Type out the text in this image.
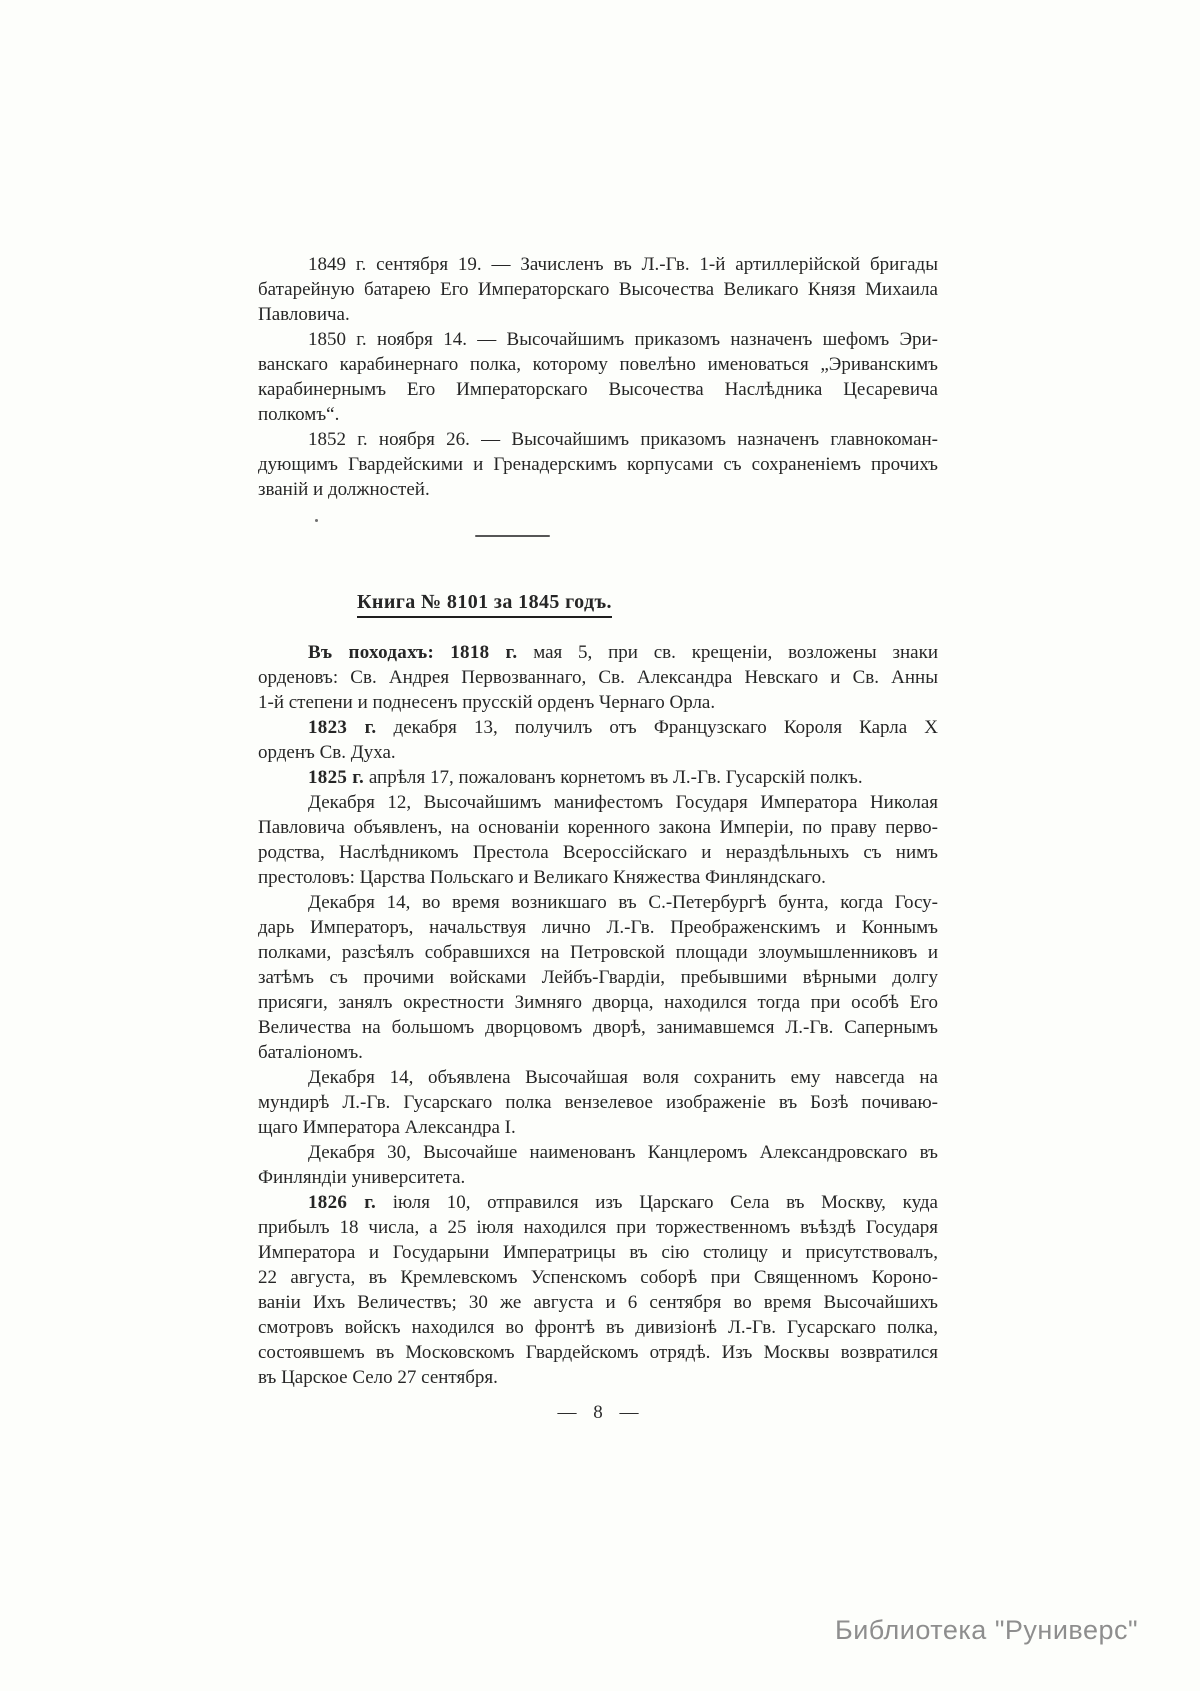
1849 г. сентября 19. — Зачисленъ въ Л.-Гв. 1-й артиллерійской бригады
батарейную батарею Его Императорскаго Высочества Великаго Князя Михаила
Павловича.
1850 г. ноября 14. — Высочайшимъ приказомъ назначенъ шефомъ Эри-
ванскаго карабинернаго полка, которому повелѣно именоваться „Эриванскимъ
карабинернымъ Его Императорскаго Высочества Наслѣдника Цесаревича
полкомъ“.
1852 г. ноября 26. — Высочайшимъ приказомъ назначенъ главнокоман-
дующимъ Гвардейскими и Гренадерскимъ корпусами съ сохраненіемъ прочихъ
званій и должностей.
Книга № 8101 за 1845 годъ.
Въ походахъ: 1818 г. мая 5, при св. крещеніи, возложены знаки
орденовъ: Св. Андрея Первозваннаго, Св. Александра Невскаго и Св. Анны
1-й степени и поднесенъ прусскій орденъ Чернаго Орла.
1823 г. декабря 13, получилъ отъ Французскаго Короля Карла X
орденъ Св. Духа.
1825 г. апрѣля 17, пожалованъ корнетомъ въ Л.-Гв. Гусарскій полкъ.
Декабря 12, Высочайшимъ манифестомъ Государя Императора Николая
Павловича объявленъ, на основаніи коренного закона Имперіи, по праву перво-
родства, Наслѣдникомъ Престола Всероссійскаго и нераздѣльныхъ съ нимъ
престоловъ: Царства Польскаго и Великаго Княжества Финляндскаго.
Декабря 14, во время возникшаго въ С.-Петербургѣ бунта, когда Госу-
дарь Императоръ, начальствуя лично Л.-Гв. Преображенскимъ и Коннымъ
полками, разсѣялъ собравшихся на Петровской площади злоумышленниковъ и
затѣмъ съ прочими войсками Лейбъ-Гвардіи, пребывшими вѣрными долгу
присяги, занялъ окрестности Зимняго дворца, находился тогда при особѣ Его
Величества на большомъ дворцовомъ дворѣ, занимавшемся Л.-Гв. Сапернымъ
баталіономъ.
Декабря 14, объявлена Высочайшая воля сохранить ему навсегда на
мундирѣ Л.-Гв. Гусарскаго полка вензелевое изображеніе въ Бозѣ почиваю-
щаго Императора Александра I.
Декабря 30, Высочайше наименованъ Канцлеромъ Александровскаго въ
Финляндіи университета.
1826 г. іюля 10, отправился изъ Царскаго Села въ Москву, куда
прибылъ 18 числа, а 25 іюля находился при торжественномъ въѣздѣ Государя
Императора и Государыни Императрицы въ сію столицу и присутствовалъ,
22 августа, въ Кремлевскомъ Успенскомъ соборѣ при Священномъ Короно-
ваніи Ихъ Величествъ; 30 же августа и 6 сентября во время Высочайшихъ
смотровъ войскъ находился во фронтѣ въ дивизіонѣ Л.-Гв. Гусарскаго полка,
состоявшемъ въ Московскомъ Гвардейскомъ отрядѣ. Изъ Москвы возвратился
въ Царское Село 27 сентября.
— 8 —
Библиотека "Руниверс"
